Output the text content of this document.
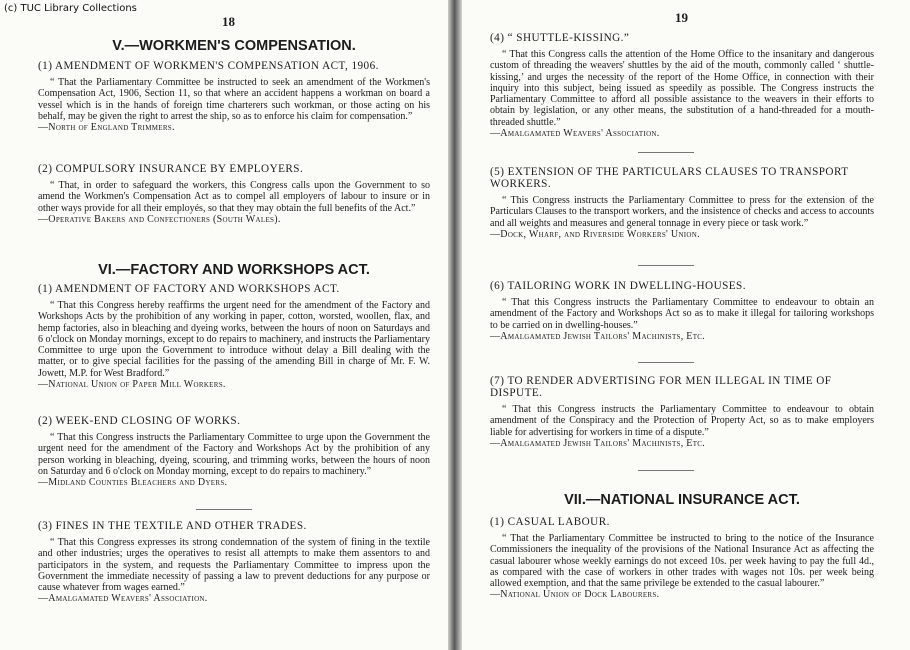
(c) TUC Library Collections
18
V.—WORKMEN'S COMPENSATION.
(1) AMENDMENT OF WORKMEN'S COMPENSATION ACT, 1906.

“ That the Parliamentary Committee be instructed to seek an amendment of the Workmen's Compensation Act, 1906, Section 11, so that where an accident happens a workman on board a vessel which is in the hands of foreign time charterers such workman, or those acting on his behalf, may be given the right to arrest the ship, so as to enforce his claim for compensation.”
—North of England Trimmers.

(2) COMPULSORY INSURANCE BY EMPLOYERS.

“ That, in order to safeguard the workers, this Congress calls upon the Government to so amend the Workmen's Compensation Act as to compel all employers of labour to insure or in other ways provide for all their employés, so that they may obtain the full benefits of the Act.”
—Operative Bakers and Confectioners (South Wales).

VI.—FACTORY AND WORKSHOPS ACT.
(1) AMENDMENT OF FACTORY AND WORKSHOPS ACT.

“ That this Congress hereby reaffirms the urgent need for the amendment of the Factory and Workshops Acts by the prohibition of any working in paper, cotton, worsted, woollen, flax, and hemp factories, also in bleaching and dyeing works, between the hours of noon on Saturdays and 6 o'clock on Monday mornings, except to do repairs to machinery, and instructs the Parliamentary Committee to urge upon the Government to introduce without delay a Bill dealing with the matter, or to give special facilities for the passing of the amending Bill in charge of Mr. F. W. Jowett, M.P. for West Bradford.”
—National Union of Paper Mill Workers.

(2) WEEK-END CLOSING OF WORKS.

“ That this Congress instructs the Parliamentary Committee to urge upon the Government the urgent need for the amendment of the Factory and Workshops Act by the prohibition of any person working in bleaching, dyeing, scouring, and trimming works, between the hours of noon on Saturday and 6 o'clock on Monday morning, except to do repairs to machinery.”
—Midland Counties Bleachers and Dyers.

(3) FINES IN THE TEXTILE AND OTHER TRADES.

“ That this Congress expresses its strong condemnation of the system of fining in the textile and other industries; urges the operatives to resist all attempts to make them assentors to and participators in the system, and requests the Parliamentary Committee to impress upon the Government the immediate necessity of passing a law to prevent deductions for any purpose or cause whatever from wages earned.”
—Amalgamated Weavers' Association.

19
(4) “ SHUTTLE-KISSING.”

“ That this Congress calls the attention of the Home Office to the insanitary and dangerous custom of threading the weavers' shuttles by the aid of the mouth, commonly called ‘ shuttle-kissing,’ and urges the necessity of the report of the Home Office, in connection with their inquiry into this subject, being issued as speedily as possible. The Congress instructs the Parliamentary Committee to afford all possible assistance to the weavers in their efforts to obtain by legislation, or any other means, the substitution of a hand-threaded for a mouth-threaded shuttle.”
—Amalgamated Weavers' Association.

(5) EXTENSION OF THE PARTICULARS CLAUSES TO TRANSPORT WORKERS.

“ This Congress instructs the Parliamentary Committee to press for the extension of the Particulars Clauses to the transport workers, and the insistence of checks and access to accounts and all weights and measures and general tonnage in every piece or task work.”
—Dock, Wharf, and Riverside Workers' Union.

(6) TAILORING WORK IN DWELLING-HOUSES.

“ That this Congress instructs the Parliamentary Committee to endeavour to obtain an amendment of the Factory and Workshops Act so as to make it illegal for tailoring workshops to be carried on in dwelling-houses.”
—Amalgamated Jewish Tailors' Machinists, Etc.

(7) TO RENDER ADVERTISING FOR MEN ILLEGAL IN TIME OF DISPUTE.

“ That this Congress instructs the Parliamentary Committee to endeavour to obtain amendment of the Conspiracy and the Protection of Property Act, so as to make employers liable for advertising for workers in time of a dispute.”
—Amalgamated Jewish Tailors' Machinists, Etc.

VII.—NATIONAL INSURANCE ACT.
(1) CASUAL LABOUR.

“ That the Parliamentary Committee be instructed to bring to the notice of the Insurance Commissioners the inequality of the provisions of the National Insurance Act as affecting the casual labourer whose weekly earnings do not exceed 10s. per week having to pay the full 4d., as compared with the case of workers in other trades with wages not 10s. per week being allowed exemption, and that the same privilege be extended to the casual labourer.”
—National Union of Dock Labourers.
